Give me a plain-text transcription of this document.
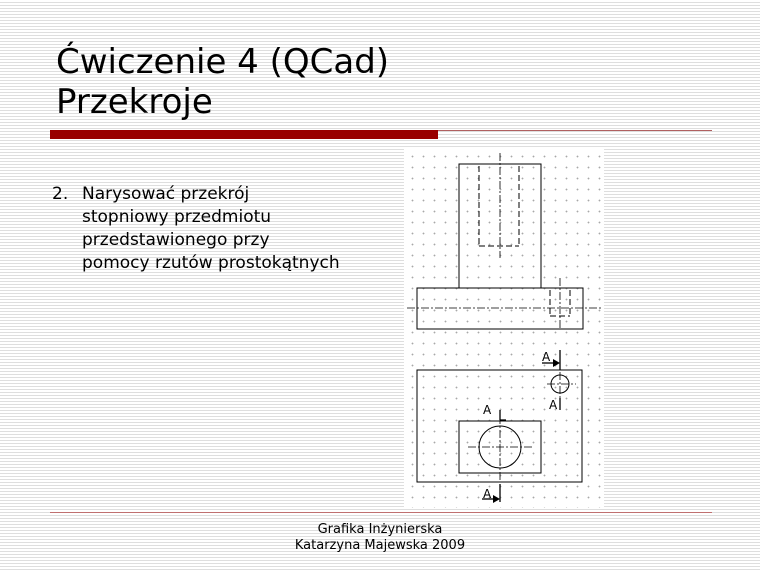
Ćwiczenie 4 (QCad)
Przekroje
2. Narysować przekrój
stopniowy przedmiotu
przedstawionego przy
pomocy rzutów prostokątnych
A
A
A
A
Grafika Inżynierska
Katarzyna Majewska 2009
